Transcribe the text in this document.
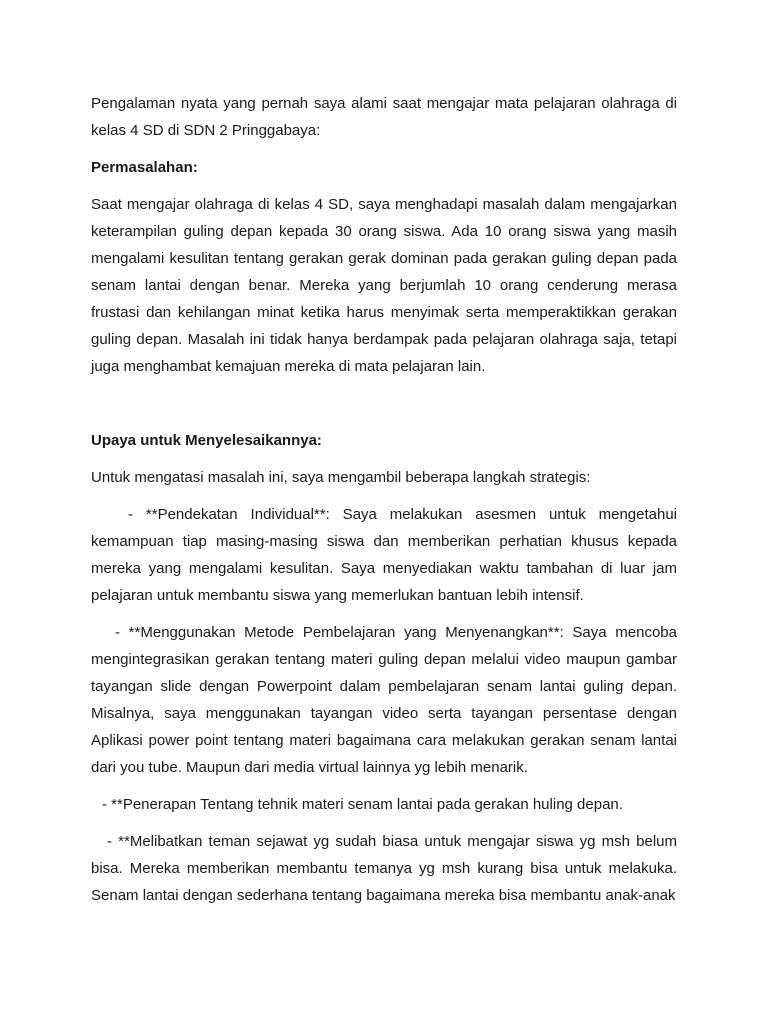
Pengalaman nyata yang pernah saya alami saat mengajar mata pelajaran olahraga di kelas 4 SD di SDN 2 Pringgabaya:

Permasalahan:

Saat mengajar olahraga di kelas 4 SD, saya menghadapi masalah dalam mengajarkan keterampilan guling depan kepada 30 orang siswa. Ada 10 orang siswa yang masih mengalami kesulitan tentang gerakan gerak dominan pada gerakan guling depan pada senam lantai dengan benar. Mereka yang berjumlah 10 orang cenderung merasa frustasi dan kehilangan minat ketika harus menyimak serta memperaktikkan gerakan guling depan. Masalah ini tidak hanya berdampak pada pelajaran olahraga saja, tetapi juga menghambat kemajuan mereka di mata pelajaran lain.

Upaya untuk Menyelesaikannya:

Untuk mengatasi masalah ini, saya mengambil beberapa langkah strategis:

- **Pendekatan Individual**: Saya melakukan asesmen untuk mengetahui kemampuan tiap masing-masing siswa dan memberikan perhatian khusus kepada mereka yang mengalami kesulitan. Saya menyediakan waktu tambahan di luar jam pelajaran untuk membantu siswa yang memerlukan bantuan lebih intensif.

- **Menggunakan Metode Pembelajaran yang Menyenangkan**: Saya mencoba mengintegrasikan gerakan tentang materi guling depan melalui video maupun gambar tayangan slide dengan Powerpoint dalam pembelajaran senam lantai guling depan. Misalnya, saya menggunakan tayangan video serta tayangan persentase dengan Aplikasi power point tentang materi bagaimana cara melakukan gerakan senam lantai dari you tube. Maupun dari media virtual lainnya yg lebih menarik.

- **Penerapan Tentang tehnik materi senam lantai pada gerakan huling depan.

- **Melibatkan teman sejawat yg sudah biasa untuk mengajar siswa yg msh belum bisa. Mereka memberikan membantu temanya yg msh kurang bisa untuk melakuka. Senam lantai dengan sederhana tentang bagaimana mereka bisa membantu anak-anak
